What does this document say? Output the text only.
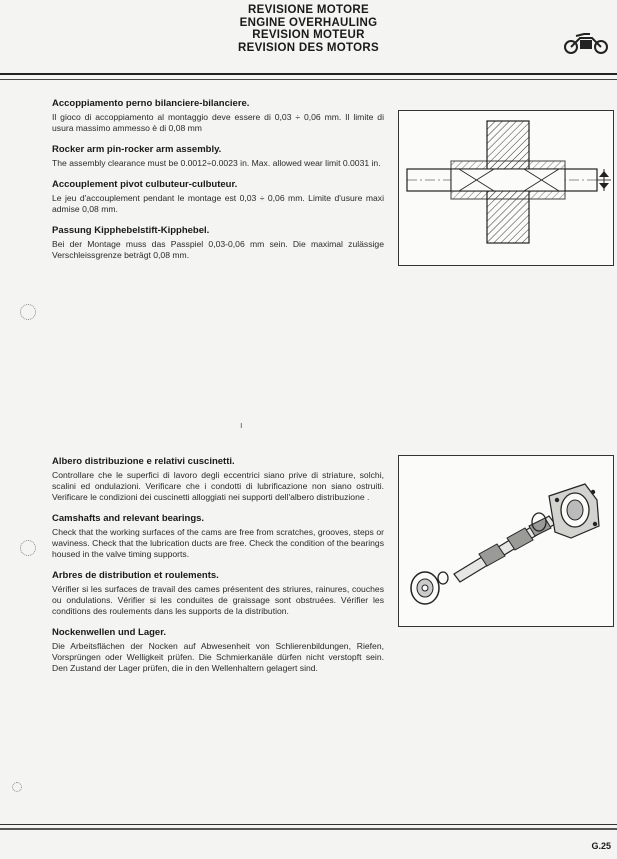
REVISIONE MOTORE
ENGINE OVERHAULING
REVISION MOTEUR
REVISION DES MOTORS
Accoppiamento perno bilanciere-bilanciere.
Il gioco di accoppiamento al montaggio deve essere di 0,03 ÷ 0,06 mm. Il limite di usura massimo ammesso è di 0,08 mm
Rocker arm pin-rocker arm assembly.
The assembly clearance must be 0.0012÷0.0023 in. Max. allowed wear limit 0.0031 in.
Accouplement pivot culbuteur-culbuteur.
Le jeu d'accouplement pendant le montage est 0,03 ÷ 0,06 mm. Limite d'usure maxi admise 0,08 mm.
Passung Kipphebelstift-Kipphebel.
Bei der Montage muss das Passpiel 0,03-0,06 mm sein. Die maximal zulässige Verschleissgrenze beträgt 0,08 mm.
ı
Albero distribuzione e relativi cuscinetti.
Controllare che le superfici di lavoro degli eccentrici siano prive di striature, solchi, scalini ed ondulazioni. Verificare che i condotti di lubrificazione non siano ostruiti. Verificare le condizioni dei cuscinetti alloggiati nei supporti dell'albero distribuzione .
Camshafts and relevant bearings.
Check that the working surfaces of the cams are free from scratches, grooves, steps or waviness. Check that the lubrication ducts are free. Check the condition of the bearings housed in the valve timing supports.
Arbres de distribution et roulements.
Vérifier si les surfaces de travail des cames présentent des striures, rainures, couches ou ondulations. Vérifier si les conduites de graissage sont obstruées. Vérifier les conditions des roulements dans les supports de la distribution.
Nockenwellen und Lager.
Die Arbeitsflächen der Nocken auf Abwesenheit von Schlierenbildungen, Riefen, Vorsprüngen oder Welligkeit prüfen. Die Schmierkanäle dürfen nicht verstopft sein. Den Zustand der Lager prüfen, die in den Wellenhaltern gelagert sind.
G.25
